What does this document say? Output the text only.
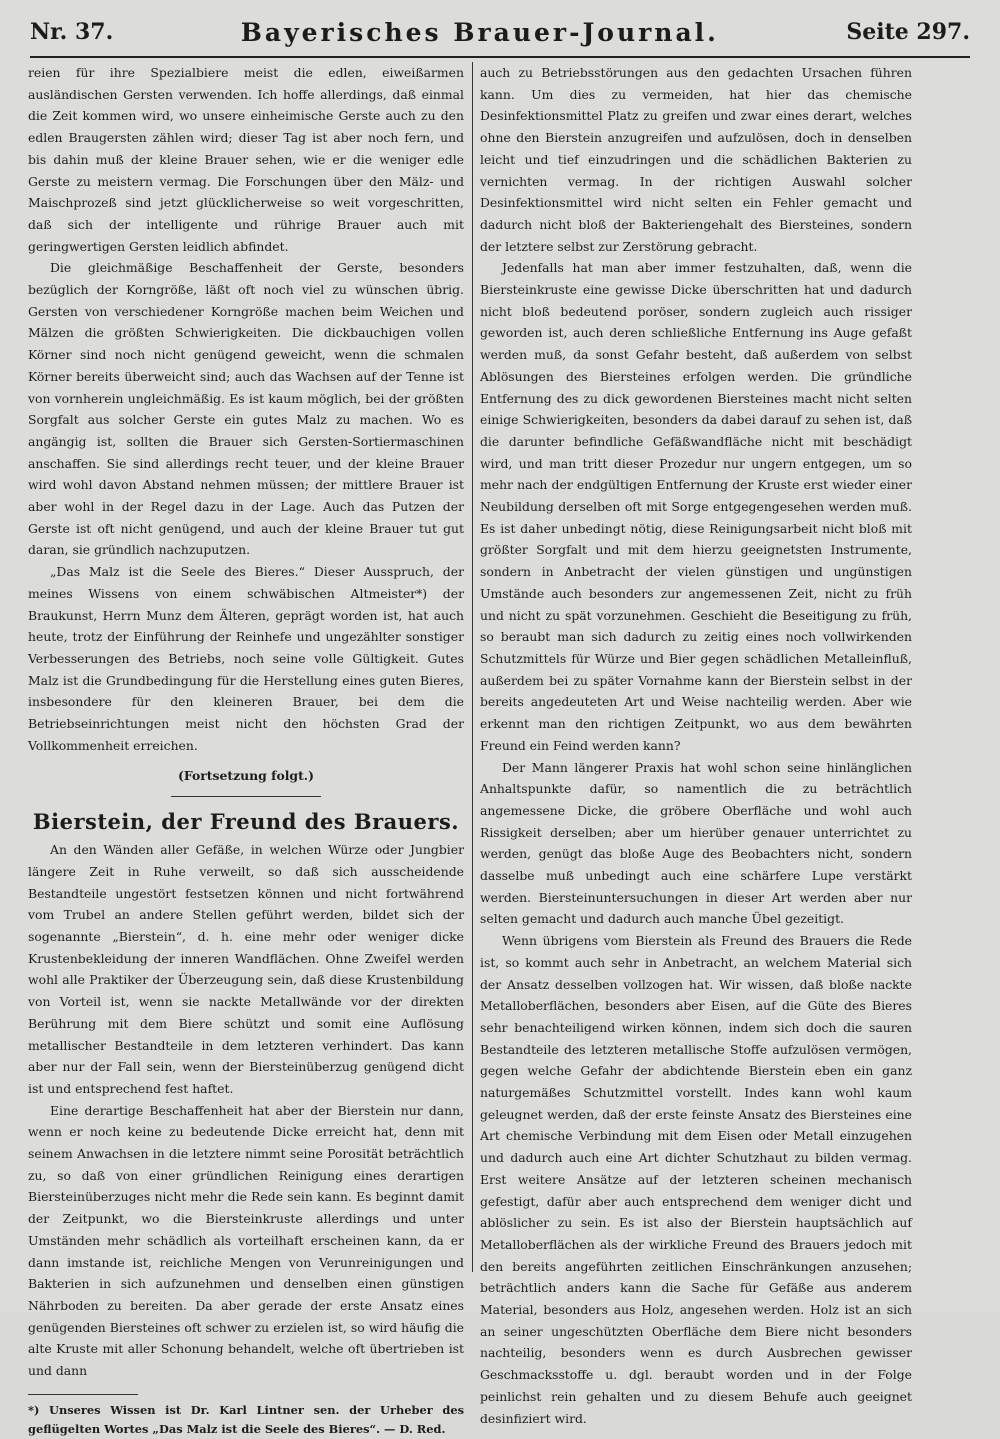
Nr. 37.	Bayerisches Brauer-Journal.	Seite 297.

reien für ihre Spezialbiere meist die edlen, eiweißarmen ausländischen Gersten verwenden. Ich hoffe allerdings, daß einmal die Zeit kommen wird, wo unsere einheimische Gerste auch zu den edlen Braugersten zählen wird; dieser Tag ist aber noch fern, und bis dahin muß der kleine Brauer sehen, wie er die weniger edle Gerste zu meistern vermag. Die Forschungen über den Mälz- und Maischprozeß sind jetzt glücklicherweise so weit vorgeschritten, daß sich der intelligente und rührige Brauer auch mit geringwertigen Gersten leidlich abfindet.

Die gleichmäßige Beschaffenheit der Gerste, besonders bezüglich der Korngröße, läßt oft noch viel zu wünschen übrig. Gersten von verschiedener Korngröße machen beim Weichen und Mälzen die größten Schwierigkeiten. Die dickbauchigen vollen Körner sind noch nicht genügend geweicht, wenn die schmalen Körner bereits überweicht sind; auch das Wachsen auf der Tenne ist von vornherein ungleichmäßig. Es ist kaum möglich, bei der größten Sorgfalt aus solcher Gerste ein gutes Malz zu machen. Wo es angängig ist, sollten die Brauer sich Gersten-Sortiermaschinen anschaffen. Sie sind allerdings recht teuer, und der kleine Brauer wird wohl davon Abstand nehmen müssen; der mittlere Brauer ist aber wohl in der Regel dazu in der Lage. Auch das Putzen der Gerste ist oft nicht genügend, und auch der kleine Brauer tut gut daran, sie gründlich nachzuputzen.

„Das Malz ist die Seele des Bieres.“ Dieser Ausspruch, der meines Wissens von einem schwäbischen Altmeister*) der Braukunst, Herrn Munz dem Älteren, geprägt worden ist, hat auch heute, trotz der Einführung der Reinhefe und ungezählter sonstiger Verbesserungen des Betriebs, noch seine volle Gültigkeit. Gutes Malz ist die Grundbedingung für die Herstellung eines guten Bieres, insbesondere für den kleineren Brauer, bei dem die Betriebseinrichtungen meist nicht den höchsten Grad der Vollkommenheit erreichen.

(Fortsetzung folgt.)

Bierstein, der Freund des Brauers.

An den Wänden aller Gefäße, in welchen Würze oder Jungbier längere Zeit in Ruhe verweilt, so daß sich ausscheidende Bestandteile ungestört festsetzen können und nicht fortwährend vom Trubel an andere Stellen geführt werden, bildet sich der sogenannte „Bierstein“, d. h. eine mehr oder weniger dicke Krustenbekleidung der inneren Wandflächen. Ohne Zweifel werden wohl alle Praktiker der Überzeugung sein, daß diese Krustenbildung von Vorteil ist, wenn sie nackte Metallwände vor der direkten Berührung mit dem Biere schützt und somit eine Auflösung metallischer Bestandteile in dem letzteren verhindert. Das kann aber nur der Fall sein, wenn der Biersteinüberzug genügend dicht ist und entsprechend fest haftet.

Eine derartige Beschaffenheit hat aber der Bierstein nur dann, wenn er noch keine zu bedeutende Dicke erreicht hat, denn mit seinem Anwachsen in die letztere nimmt seine Porosität beträchtlich zu, so daß von einer gründlichen Reinigung eines derartigen Biersteinüberzuges nicht mehr die Rede sein kann. Es beginnt damit der Zeitpunkt, wo die Biersteinkruste allerdings und unter Umständen mehr schädlich als vorteilhaft erscheinen kann, da er dann imstande ist, reichliche Mengen von Verunreinigungen und Bakterien in sich aufzunehmen und denselben einen günstigen Nährboden zu bereiten. Da aber gerade der erste Ansatz eines genügenden Biersteines oft schwer zu erzielen ist, so wird häufig die alte Kruste mit aller Schonung behandelt, welche oft übertrieben ist und dann

*) Unseres Wissen ist Dr. Karl Lintner sen. der Urheber des geflügelten Wortes „Das Malz ist die Seele des Bieres“. — D. Red.

auch zu Betriebsstörungen aus den gedachten Ursachen führen kann. Um dies zu vermeiden, hat hier das chemische Desinfektionsmittel Platz zu greifen und zwar eines derart, welches ohne den Bierstein anzugreifen und aufzulösen, doch in denselben leicht und tief einzudringen und die schädlichen Bakterien zu vernichten vermag. In der richtigen Auswahl solcher Desinfektionsmittel wird nicht selten ein Fehler gemacht und dadurch nicht bloß der Bakteriengehalt des Biersteines, sondern der letztere selbst zur Zerstörung gebracht.

Jedenfalls hat man aber immer festzuhalten, daß, wenn die Biersteinkruste eine gewisse Dicke überschritten hat und dadurch nicht bloß bedeutend poröser, sondern zugleich auch rissiger geworden ist, auch deren schließliche Entfernung ins Auge gefaßt werden muß, da sonst Gefahr besteht, daß außerdem von selbst Ablösungen des Biersteines erfolgen werden. Die gründliche Entfernung des zu dick gewordenen Biersteines macht nicht selten einige Schwierigkeiten, besonders da dabei darauf zu sehen ist, daß die darunter befindliche Gefäßwandfläche nicht mit beschädigt wird, und man tritt dieser Prozedur nur ungern entgegen, um so mehr nach der endgültigen Entfernung der Kruste erst wieder einer Neubildung derselben oft mit Sorge entgegengesehen werden muß. Es ist daher unbedingt nötig, diese Reinigungsarbeit nicht bloß mit größter Sorgfalt und mit dem hierzu geeignetsten Instrumente, sondern in Anbetracht der vielen günstigen und ungünstigen Umstände auch besonders zur angemessenen Zeit, nicht zu früh und nicht zu spät vorzunehmen. Geschieht die Beseitigung zu früh, so beraubt man sich dadurch zu zeitig eines noch vollwirkenden Schutzmittels für Würze und Bier gegen schädlichen Metalleinfluß, außerdem bei zu später Vornahme kann der Bierstein selbst in der bereits angedeuteten Art und Weise nachteilig werden. Aber wie erkennt man den richtigen Zeitpunkt, wo aus dem bewährten Freund ein Feind werden kann?

Der Mann längerer Praxis hat wohl schon seine hinlänglichen Anhaltspunkte dafür, so namentlich die zu beträchtlich angemessene Dicke, die gröbere Oberfläche und wohl auch Rissigkeit derselben; aber um hierüber genauer unterrichtet zu werden, genügt das bloße Auge des Beobachters nicht, sondern dasselbe muß unbedingt auch eine schärfere Lupe verstärkt werden. Biersteinuntersuchungen in dieser Art werden aber nur selten gemacht und dadurch auch manche Übel gezeitigt.

Wenn übrigens vom Bierstein als Freund des Brauers die Rede ist, so kommt auch sehr in Anbetracht, an welchem Material sich der Ansatz desselben vollzogen hat. Wir wissen, daß bloße nackte Metalloberflächen, besonders aber Eisen, auf die Güte des Bieres sehr benachteiligend wirken können, indem sich doch die sauren Bestandteile des letzteren metallische Stoffe aufzulösen vermögen, gegen welche Gefahr der abdichtende Bierstein eben ein ganz naturgemäßes Schutzmittel vorstellt. Indes kann wohl kaum geleugnet werden, daß der erste feinste Ansatz des Biersteines eine Art chemische Verbindung mit dem Eisen oder Metall einzugehen und dadurch auch eine Art dichter Schutzhaut zu bilden vermag. Erst weitere Ansätze auf der letzteren scheinen mechanisch gefestigt, dafür aber auch entsprechend dem weniger dicht und ablöslicher zu sein. Es ist also der Bierstein hauptsächlich auf Metalloberflächen als der wirkliche Freund des Brauers jedoch mit den bereits angeführten zeitlichen Einschränkungen anzusehen; beträchtlich anders kann die Sache für Gefäße aus anderem Material, besonders aus Holz, angesehen werden. Holz ist an sich an seiner ungeschützten Oberfläche dem Biere nicht besonders nachteilig, besonders wenn es durch Ausbrechen gewisser Geschmacksstoffe u. dgl. beraubt worden und in der Folge peinlichst rein gehalten und zu diesem Behufe auch geeignet desinfiziert wird.
